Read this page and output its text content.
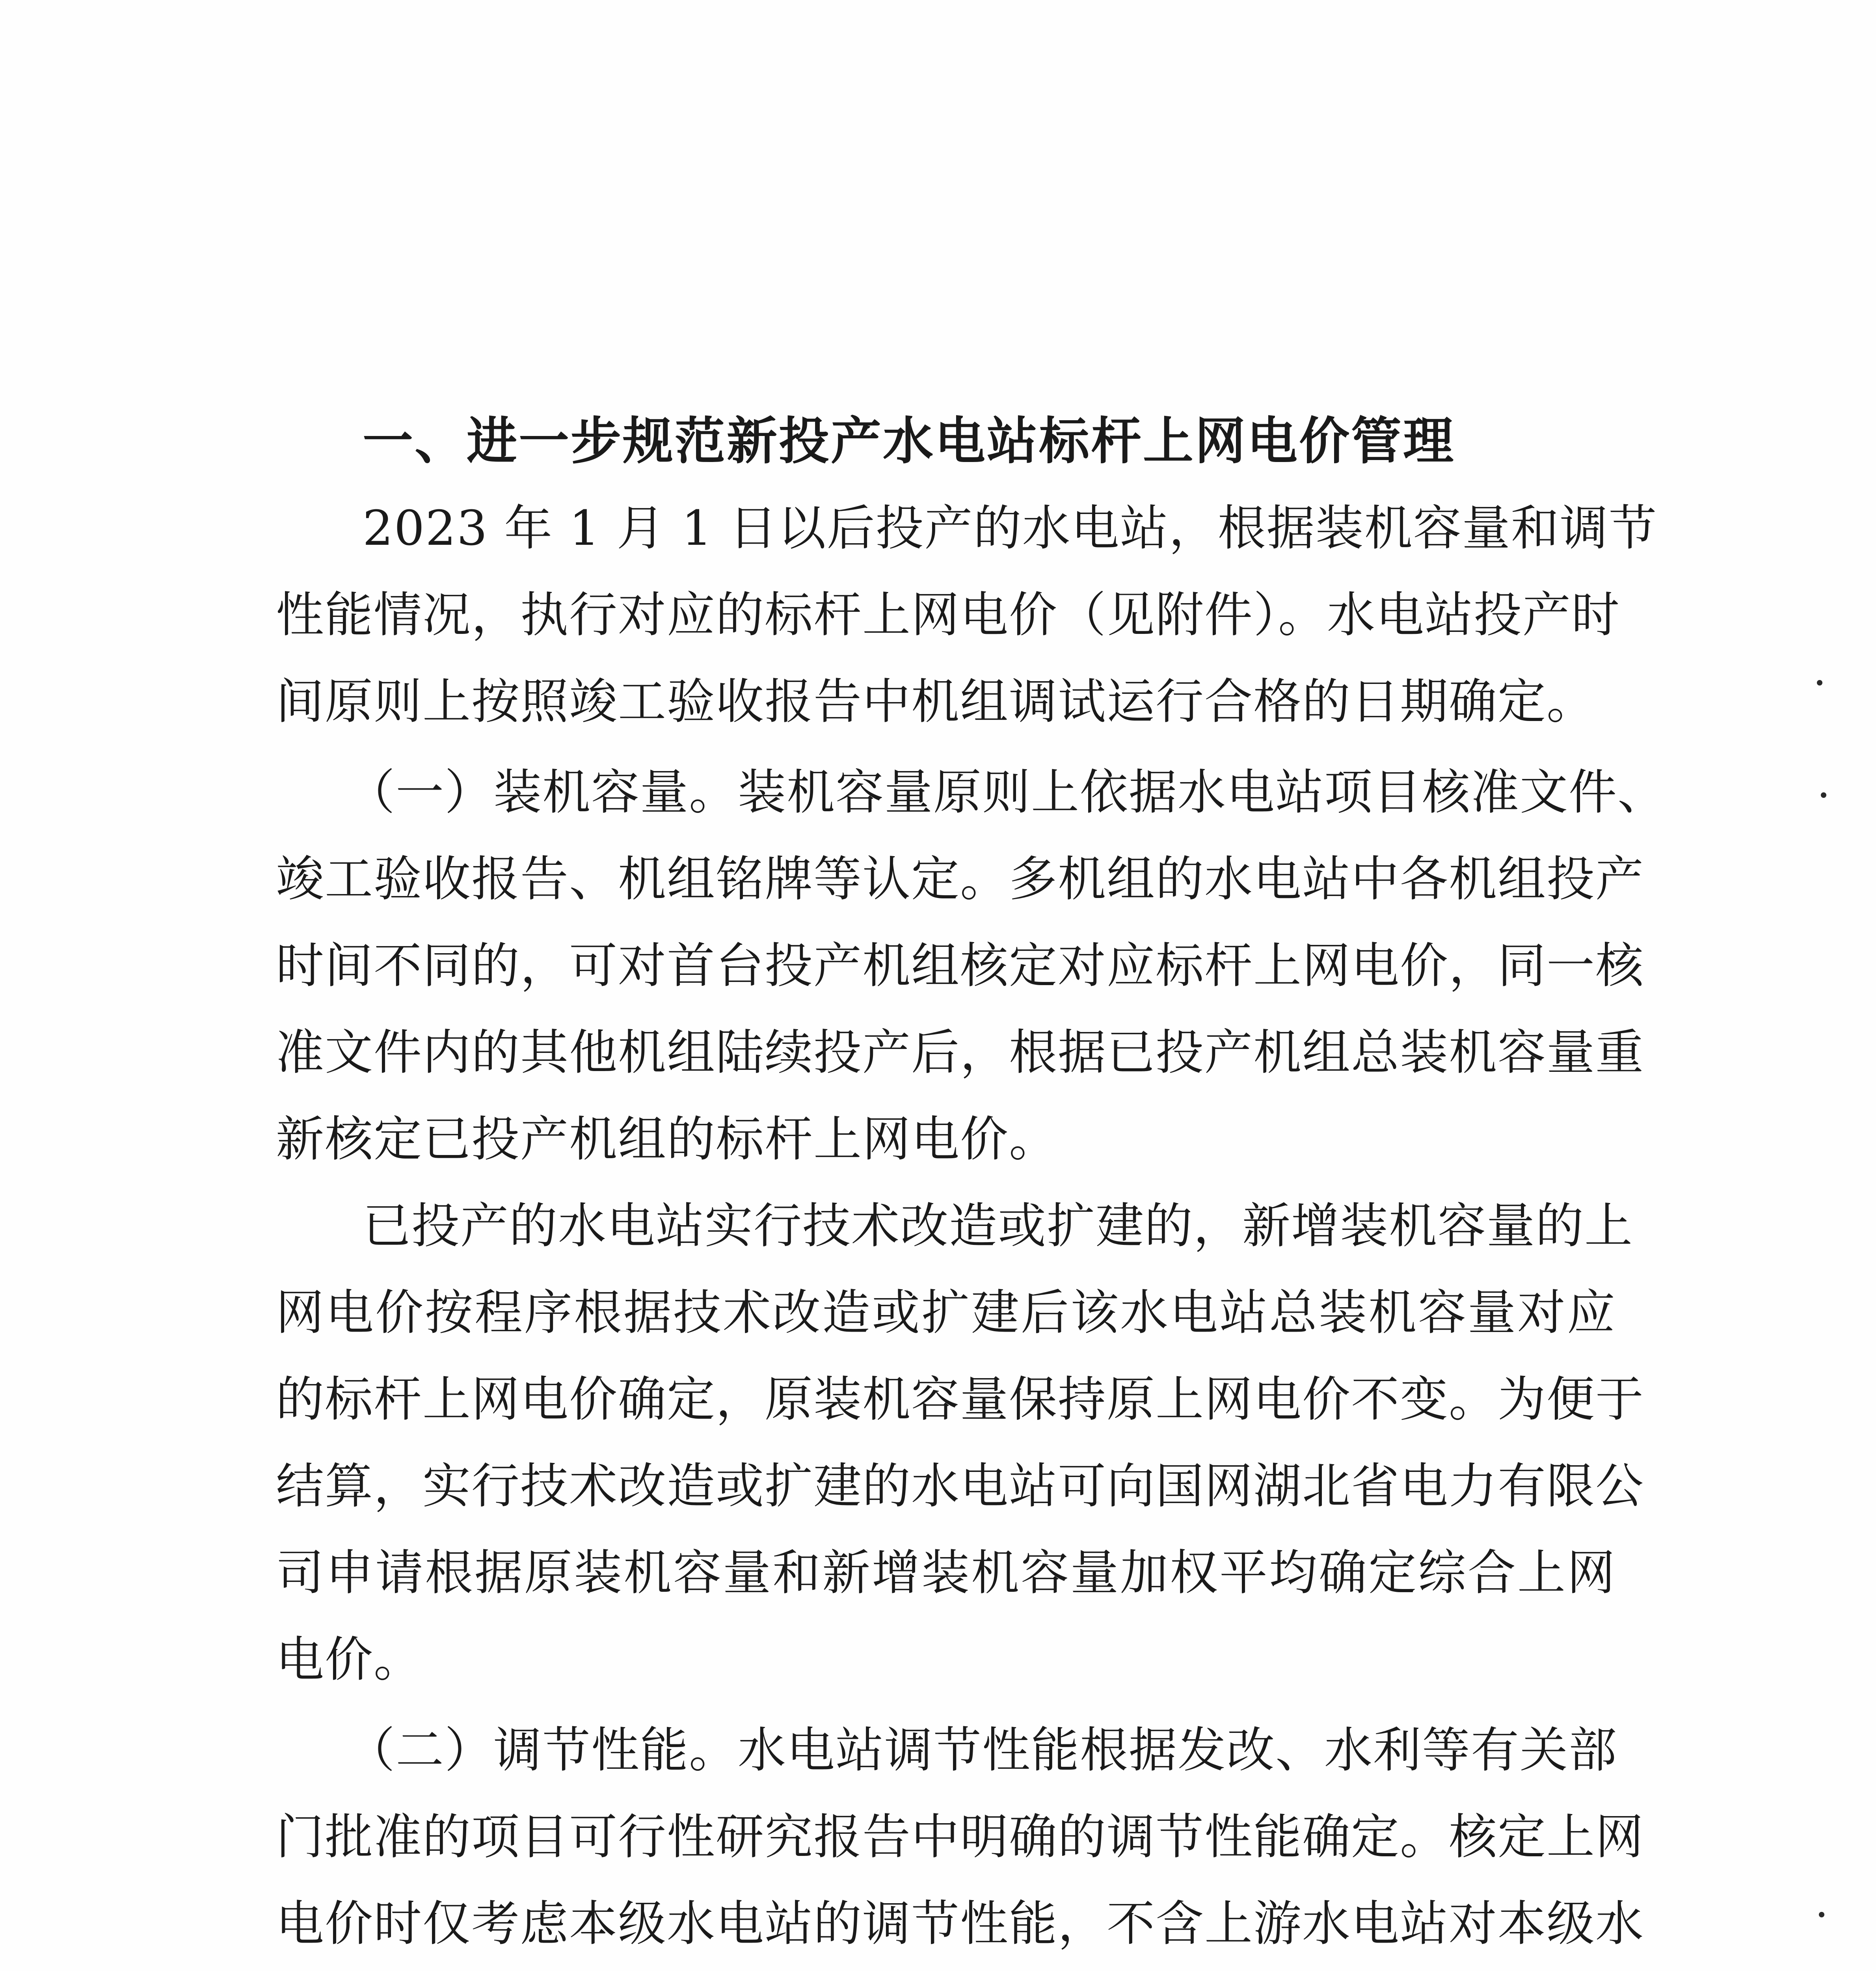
一、进一步规范新投产水电站标杆上网电价管理
2023 年 1 月 1 日以后投产的水电站，根据装机容量和调节
性能情况，执行对应的标杆上网电价（见附件）。水电站投产时
间原则上按照竣工验收报告中机组调试运行合格的日期确定。
（一）装机容量。装机容量原则上依据水电站项目核准文件、
竣工验收报告、机组铭牌等认定。多机组的水电站中各机组投产
时间不同的，可对首台投产机组核定对应标杆上网电价，同一核
准文件内的其他机组陆续投产后，根据已投产机组总装机容量重
新核定已投产机组的标杆上网电价。
已投产的水电站实行技术改造或扩建的，新增装机容量的上
网电价按程序根据技术改造或扩建后该水电站总装机容量对应
的标杆上网电价确定，原装机容量保持原上网电价不变。为便于
结算，实行技术改造或扩建的水电站可向国网湖北省电力有限公
司申请根据原装机容量和新增装机容量加权平均确定综合上网
电价。
（二）调节性能。水电站调节性能根据发改、水利等有关部
门批准的项目可行性研究报告中明确的调节性能确定。核定上网
电价时仅考虑本级水电站的调节性能，不含上游水电站对本级水
